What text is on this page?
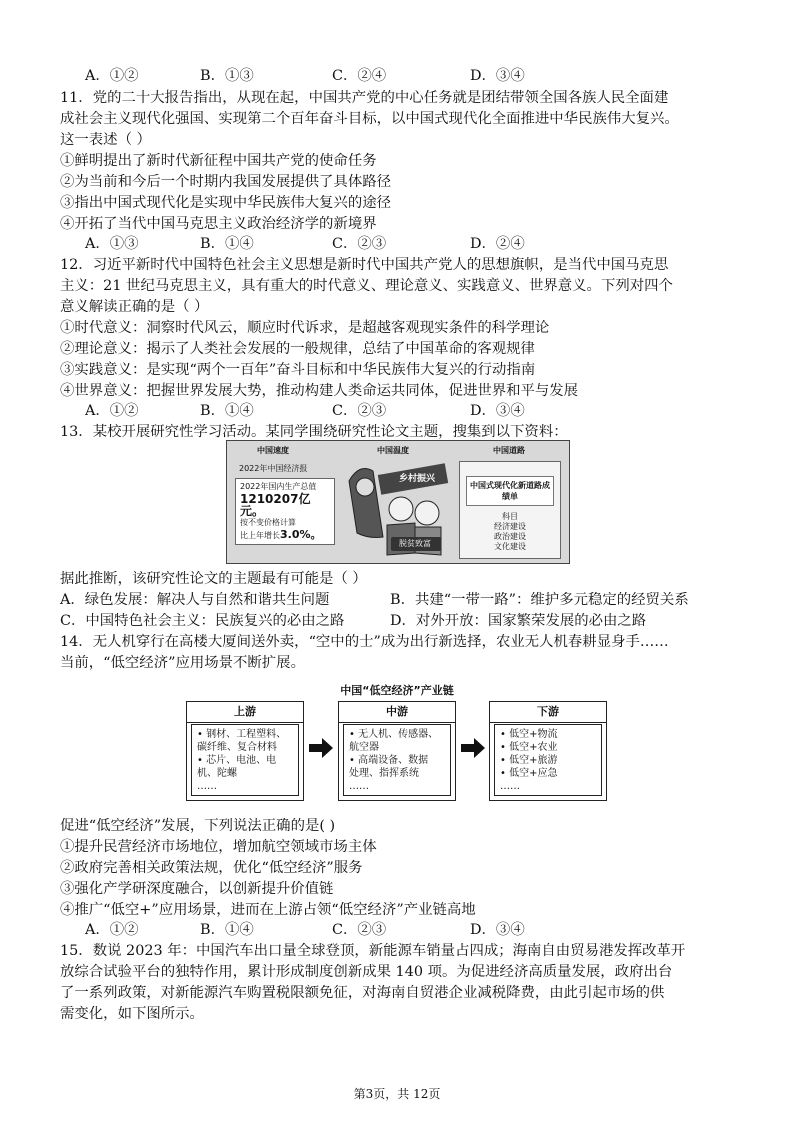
A．①②	B．①③	C．②④	D．③④
11．党的二十大报告指出，从现在起，中国共产党的中心任务就是团结带领全国各族人民全面建
成社会主义现代化强国、实现第二个百年奋斗目标，以中国式现代化全面推进中华民族伟大复兴。
这一表述（ ）
①鲜明提出了新时代新征程中国共产党的使命任务
②为当前和今后一个时期内我国发展提供了具体路径
③指出中国式现代化是实现中华民族伟大复兴的途径
④开拓了当代中国马克思主义政治经济学的新境界
A．①③	B．①④	C．②③	D．②④
12．习近平新时代中国特色社会主义思想是新时代中国共产党人的思想旗帜，是当代中国马克思
主义：21 世纪马克思主义，具有重大的时代意义、理论意义、实践意义、世界意义。下列对四个
意义解读正确的是（ ）
①时代意义：洞察时代风云，顺应时代诉求，是超越客观现实条件的科学理论
②理论意义：揭示了人类社会发展的一般规律，总结了中国革命的客观规律
③实践意义：是实现“两个一百年”奋斗目标和中华民族伟大复兴的行动指南
④世界意义：把握世界发展大势，推动构建人类命运共同体，促进世界和平与发展
A．①②	B．①④	C．②③	D．③④
13．某校开展研究性学习活动。某同学围绕研究性论文主题，搜集到以下资料：
中国速度
2022年中国经济报
2022年国内生产总值
1210207亿元。
按不变价格计算
比上年增长3.0%。
中国温度
乡村振兴
脱贫致富
中国道路
中国式现代化新道路成绩单
科目
经济建设
政治建设
文化建设
据此推断，该研究性论文的主题最有可能是（ ）
A．绿色发展：解决人与自然和谐共生问题	B．共建“一带一路”：维护多元稳定的经贸关系
C．中国特色社会主义：民族复兴的必由之路	D．对外开放：国家繁荣发展的必由之路
14．无人机穿行在高楼大厦间送外卖，“空中的士”成为出行新选择，农业无人机春耕显身手……
当前，“低空经济”应用场景不断扩展。
中国“低空经济”产业链
上游
• 钢材、工程塑料、
碳纤维、复合材料
• 芯片、电池、电
机、陀螺
……
中游
• 无人机、传感器、
航空器
• 高端设备、数据
处理、指挥系统
……
下游
• 低空+物流
• 低空+农业
• 低空+旅游
• 低空+应急
……
促进“低空经济”发展，下列说法正确的是( )
①提升民营经济市场地位，增加航空领域市场主体
②政府完善相关政策法规，优化“低空经济”服务
③强化产学研深度融合，以创新提升价值链
④推广“低空+”应用场景，进而在上游占领“低空经济”产业链高地
A．①②	B．①④	C．②③	D．③④
15．数说 2023 年：中国汽车出口量全球登顶，新能源车销量占四成；海南自由贸易港发挥改革开
放综合试验平台的独特作用，累计形成制度创新成果 140 项。为促进经济高质量发展，政府出台
了一系列政策，对新能源汽车购置税限额免征，对海南自贸港企业减税降费，由此引起市场的供
需变化，如下图所示。
第3页，共 12页
